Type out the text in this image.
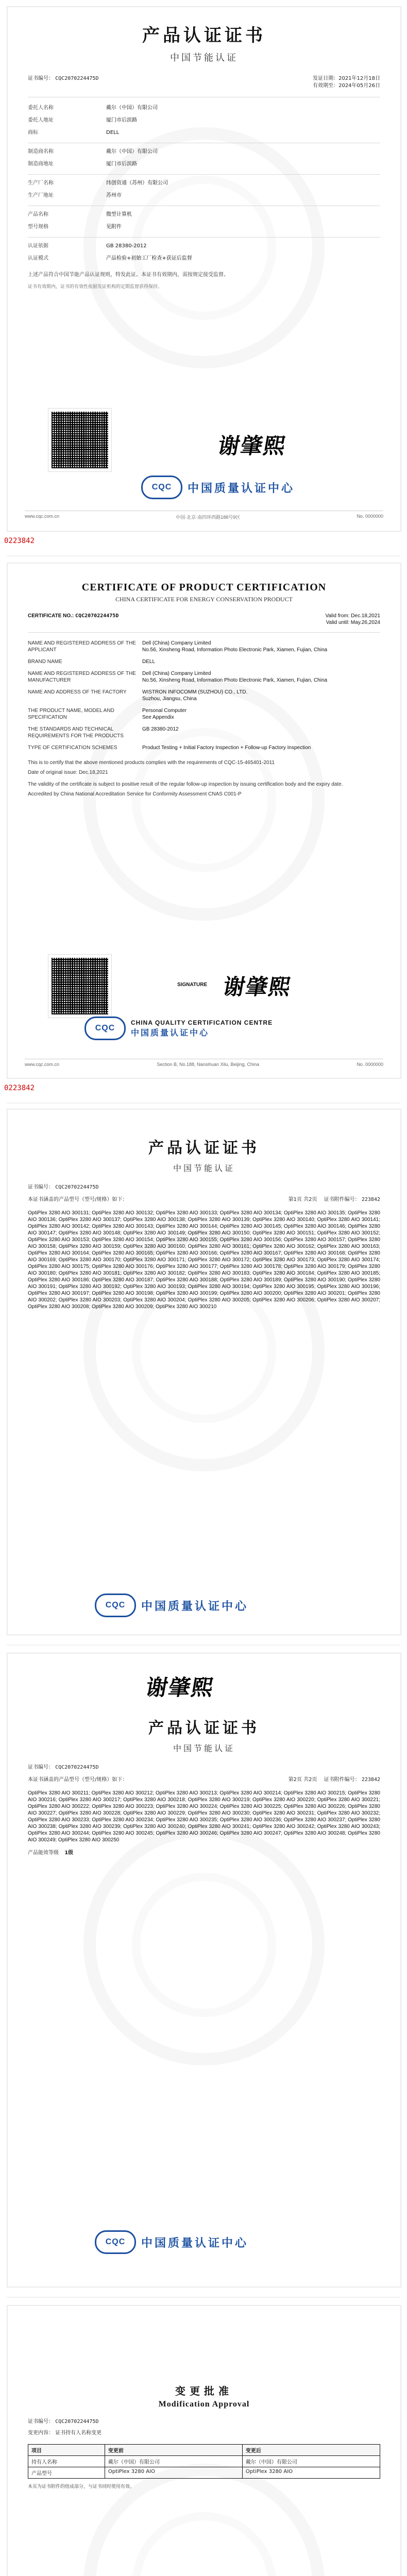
产品认证证书
中国节能认证
证书编号： CQC2070224475D	发证日期：2021年12月18日
有效期至：2024年05月26日
委托人名称	戴尔（中国）有限公司
委托人地址	厦门市后滨路
商标	DELL
制造商名称	戴尔（中国）有限公司
制造商地址	厦门市后滨路
生产厂名称	纬创资通（苏州）有限公司
生产厂地址	苏州市
产品名称	微型计算机
型号规格	见附件
认证依据	GB 28380-2012
认证模式	产品检验+初始工厂检查+获证后监督
上述产品符合中国节能产品认证规则，特发此证。本证书有效期内，需按规定接受监督。
证书有效期内，证书的有效性依据发证机构的定期监督获得保持。
谢肇熙
CQC	中国质量认证中心
www.cqc.com.cn	中国·北京·南四环西路188号9区	No. 0000000
0223842
CERTIFICATE OF PRODUCT CERTIFICATION
CHINA CERTIFICATE FOR ENERGY CONSERVATION PRODUCT
CERTIFICATE NO.: CQC2070224475D	Valid from: Dec.18,2021
Valid until: May.26,2024
NAME AND REGISTERED ADDRESS OF THE APPLICANT
Dell (China) Company Limited
No.56, Xinsheng Road, Information Photo Electronic Park, Xiamen, Fujian, China
BRAND NAME	DELL
NAME AND REGISTERED ADDRESS OF THE MANUFACTURER
Dell (China) Company Limited
No.56, Xinsheng Road, Information Photo Electronic Park, Xiamen, Fujian, China
NAME AND ADDRESS OF THE FACTORY	WISTRON INFOCOMM (SUZHOU) CO., LTD.
Suzhou, Jiangsu, China
THE PRODUCT NAME, MODEL AND SPECIFICATION
Personal Computer
See Appendix
THE STANDARDS AND TECHNICAL REQUIREMENTS FOR THE PRODUCTS
GB 28380-2012
TYPE OF CERTIFICATION SCHEMES	Product Testing + Initial Factory Inspection + Follow-up Factory Inspection
This is to certify that the above mentioned products complies with the requirements of CQC-15-465401-2011
Date of original issue: Dec.18,2021
The validity of the certificate is subject to positive result of the regular follow-up inspection by issuing certification body and the expiry date.
Accredited by China National Accreditation Service for Conformity Assessment CNAS C001-P
SIGNATURE 谢肇熙
CQC
CHINA QUALITY CERTIFICATION CENTRE
中国质量认证中心
www.cqc.com.cn	Section B, No.188, Nansihuan Xilu, Beijing, China	No. 0000000
0223842
产品认证证书
中国节能认证
证书编号： CQC2070224475D
本证书涵盖的产品型号（型号/规格）如下：	第1页 共2页 证书附件编号： 223842
OptiPlex 3280 AIO 300131; OptiPlex 3280 AIO 300132; OptiPlex 3280 AIO 300133; OptiPlex 3280 AIO 300134; OptiPlex 3280 AIO 300135; OptiPlex 3280 AIO 300136; OptiPlex 3280 AIO 300137; OptiPlex 3280 AIO 300138; OptiPlex 3280 AIO 300139; OptiPlex 3280 AIO 300140; OptiPlex 3280 AIO 300141; OptiPlex 3280 AIO 300142; OptiPlex 3280 AIO 300143; OptiPlex 3280 AIO 300144; OptiPlex 3280 AIO 300145; OptiPlex 3280 AIO 300146; OptiPlex 3280 AIO 300147; OptiPlex 3280 AIO 300148; OptiPlex 3280 AIO 300149; OptiPlex 3280 AIO 300150; OptiPlex 3280 AIO 300151; OptiPlex 3280 AIO 300152; OptiPlex 3280 AIO 300153; OptiPlex 3280 AIO 300154; OptiPlex 3280 AIO 300155; OptiPlex 3280 AIO 300156; OptiPlex 3280 AIO 300157; OptiPlex 3280 AIO 300158; OptiPlex 3280 AIO 300159; OptiPlex 3280 AIO 300160; OptiPlex 3280 AIO 300161; OptiPlex 3280 AIO 300162; OptiPlex 3280 AIO 300163; OptiPlex 3280 AIO 300164; OptiPlex 3280 AIO 300165; OptiPlex 3280 AIO 300166; OptiPlex 3280 AIO 300167; OptiPlex 3280 AIO 300168; OptiPlex 3280 AIO 300169; OptiPlex 3280 AIO 300170; OptiPlex 3280 AIO 300171; OptiPlex 3280 AIO 300172; OptiPlex 3280 AIO 300173; OptiPlex 3280 AIO 300174; OptiPlex 3280 AIO 300175; OptiPlex 3280 AIO 300176; OptiPlex 3280 AIO 300177; OptiPlex 3280 AIO 300178; OptiPlex 3280 AIO 300179; OptiPlex 3280 AIO 300180; OptiPlex 3280 AIO 300181; OptiPlex 3280 AIO 300182; OptiPlex 3280 AIO 300183; OptiPlex 3280 AIO 300184; OptiPlex 3280 AIO 300185; OptiPlex 3280 AIO 300186; OptiPlex 3280 AIO 300187; OptiPlex 3280 AIO 300188; OptiPlex 3280 AIO 300189; OptiPlex 3280 AIO 300190; OptiPlex 3280 AIO 300191; OptiPlex 3280 AIO 300192; OptiPlex 3280 AIO 300193; OptiPlex 3280 AIO 300194; OptiPlex 3280 AIO 300195; OptiPlex 3280 AIO 300196; OptiPlex 3280 AIO 300197; OptiPlex 3280 AIO 300198; OptiPlex 3280 AIO 300199; OptiPlex 3280 AIO 300200; OptiPlex 3280 AIO 300201; OptiPlex 3280 AIO 300202; OptiPlex 3280 AIO 300203; OptiPlex 3280 AIO 300204; OptiPlex 3280 AIO 300205; OptiPlex 3280 AIO 300206; OptiPlex 3280 AIO 300207; OptiPlex 3280 AIO 300208; OptiPlex 3280 AIO 300209; OptiPlex 3280 AIO 300210
CQC	中国质量认证中心
谢肇熙
产品认证证书
中国节能认证
证书编号： CQC2070224475D
本证书涵盖的产品型号（型号/规格）如下：	第2页 共2页 证书附件编号： 223842
OptiPlex 3280 AIO 300211; OptiPlex 3280 AIO 300212; OptiPlex 3280 AIO 300213; OptiPlex 3280 AIO 300214; OptiPlex 3280 AIO 300215; OptiPlex 3280 AIO 300216; OptiPlex 3280 AIO 300217; OptiPlex 3280 AIO 300218; OptiPlex 3280 AIO 300219; OptiPlex 3280 AIO 300220; OptiPlex 3280 AIO 300221; OptiPlex 3280 AIO 300222; OptiPlex 3280 AIO 300223; OptiPlex 3280 AIO 300224; OptiPlex 3280 AIO 300225; OptiPlex 3280 AIO 300226; OptiPlex 3280 AIO 300227; OptiPlex 3280 AIO 300228; OptiPlex 3280 AIO 300229; OptiPlex 3280 AIO 300230; OptiPlex 3280 AIO 300231; OptiPlex 3280 AIO 300232; OptiPlex 3280 AIO 300233; OptiPlex 3280 AIO 300234; OptiPlex 3280 AIO 300235; OptiPlex 3280 AIO 300236; OptiPlex 3280 AIO 300237; OptiPlex 3280 AIO 300238; OptiPlex 3280 AIO 300239; OptiPlex 3280 AIO 300240; OptiPlex 3280 AIO 300241; OptiPlex 3280 AIO 300242; OptiPlex 3280 AIO 300243; OptiPlex 3280 AIO 300244; OptiPlex 3280 AIO 300245; OptiPlex 3280 AIO 300246; OptiPlex 3280 AIO 300247; OptiPlex 3280 AIO 300248; OptiPlex 3280 AIO 300249; OptiPlex 3280 AIO 300250
产品能效等级 1级
CQC	中国质量认证中心
变更批准
Modification Approval
证书编号： CQC2070224475D
变更内容： 证书持有人名称变更
项目	变更前	变更后
持有人名称	戴尔（中国）有限公司	戴尔（中国）有限公司
产品型号	OptiPlex 3280 AIO	OptiPlex 3280 AIO
本页为证书附件的组成部分，与证书同时使用有效。
